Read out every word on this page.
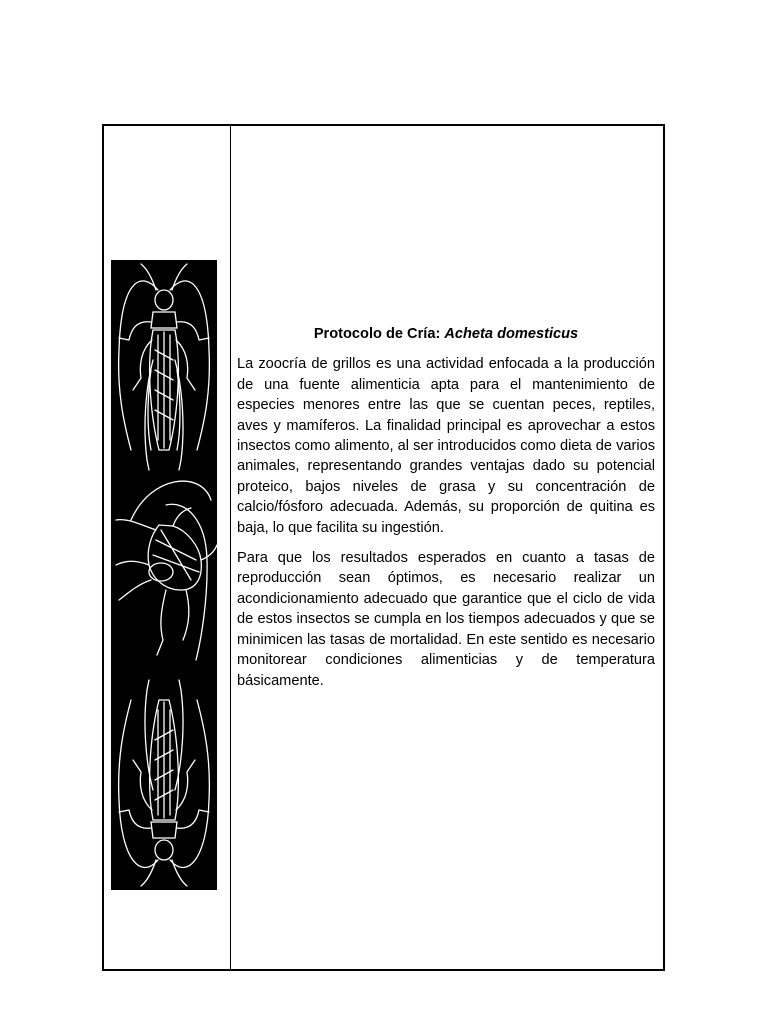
Protocolo de Cría: Acheta domesticus

La zoocría de grillos es una actividad enfocada a la producción de una fuente alimenticia apta para el mantenimiento de especies menores entre las que se cuentan peces, reptiles, aves y mamíferos. La finalidad principal es aprovechar a estos insectos como alimento, al ser introducidos como dieta de varios animales, representando grandes ventajas dado su potencial proteico, bajos niveles de grasa y su concentración de calcio/fósforo adecuada. Además, su proporción de quitina es baja, lo que facilita su ingestión.

Para que los resultados esperados en cuanto a tasas de reproducción sean óptimos, es necesario realizar un acondicionamiento adecuado que garantice que el ciclo de vida de estos insectos se cumpla en los tiempos adecuados y que se minimicen las tasas de mortalidad. En este sentido es necesario monitorear condiciones alimenticias y de temperatura básicamente.
